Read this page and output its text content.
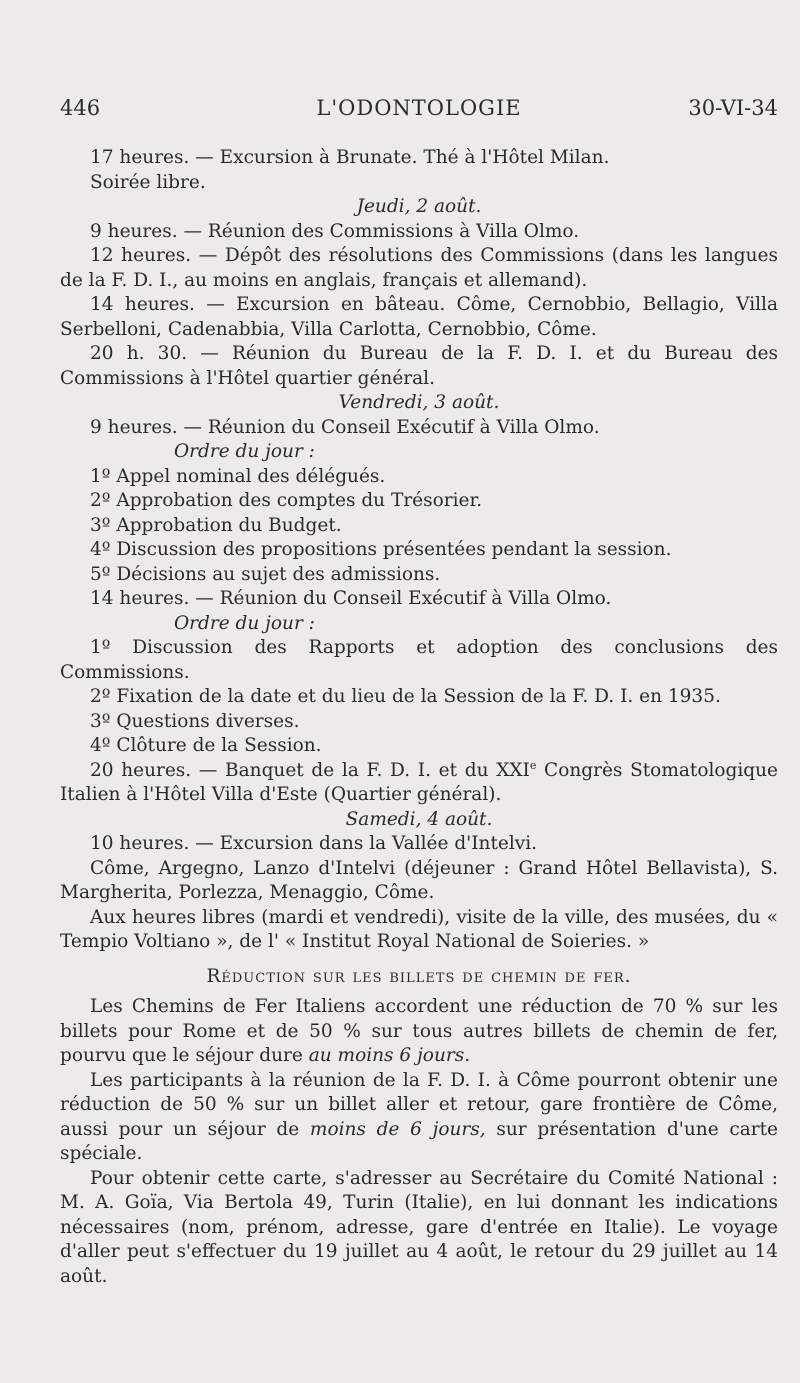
446	L'ODONTOLOGIE	30-VI-34

17 heures. — Excursion à Brunate. Thé à l'Hôtel Milan.

Soirée libre.

Jeudi, 2 août.

9 heures. — Réunion des Commissions à Villa Olmo.

12 heures. — Dépôt des résolutions des Commissions (dans les langues de la F. D. I., au moins en anglais, français et allemand).

14 heures. — Excursion en bâteau. Côme, Cernobbio, Bellagio, Villa Serbelloni, Cadenabbia, Villa Carlotta, Cernobbio, Côme.

20 h. 30. — Réunion du Bureau de la F. D. I. et du Bureau des Commissions à l'Hôtel quartier général.

Vendredi, 3 août.

9 heures. — Réunion du Conseil Exécutif à Villa Olmo.

Ordre du jour :

1º Appel nominal des délégués.

2º Approbation des comptes du Trésorier.

3º Approbation du Budget.

4º Discussion des propositions présentées pendant la session.

5º Décisions au sujet des admissions.

14 heures. — Réunion du Conseil Exécutif à Villa Olmo.

Ordre du jour :

1º Discussion des Rapports et adoption des conclusions des Commissions.

2º Fixation de la date et du lieu de la Session de la F. D. I. en 1935.

3º Questions diverses.

4º Clôture de la Session.

20 heures. — Banquet de la F. D. I. et du XXIe Congrès Stomatologique Italien à l'Hôtel Villa d'Este (Quartier général).

Samedi, 4 août.

10 heures. — Excursion dans la Vallée d'Intelvi.

Côme, Argegno, Lanzo d'Intelvi (déjeuner : Grand Hôtel Bellavista), S. Margherita, Porlezza, Menaggio, Côme.

Aux heures libres (mardi et vendredi), visite de la ville, des musées, du « Tempio Voltiano », de l' « Institut Royal National de Soieries. »

Réduction sur les billets de chemin de fer.

Les Chemins de Fer Italiens accordent une réduction de 70 % sur les billets pour Rome et de 50 % sur tous autres billets de chemin de fer, pourvu que le séjour dure au moins 6 jours.

Les participants à la réunion de la F. D. I. à Côme pourront obtenir une réduction de 50 % sur un billet aller et retour, gare frontière de Côme, aussi pour un séjour de moins de 6 jours, sur présentation d'une carte spéciale.

Pour obtenir cette carte, s'adresser au Secrétaire du Comité National : M. A. Goïa, Via Bertola 49, Turin (Italie), en lui donnant les indications nécessaires (nom, prénom, adresse, gare d'entrée en Italie). Le voyage d'aller peut s'effectuer du 19 juillet au 4 août, le retour du 29 juillet au 14 août.
